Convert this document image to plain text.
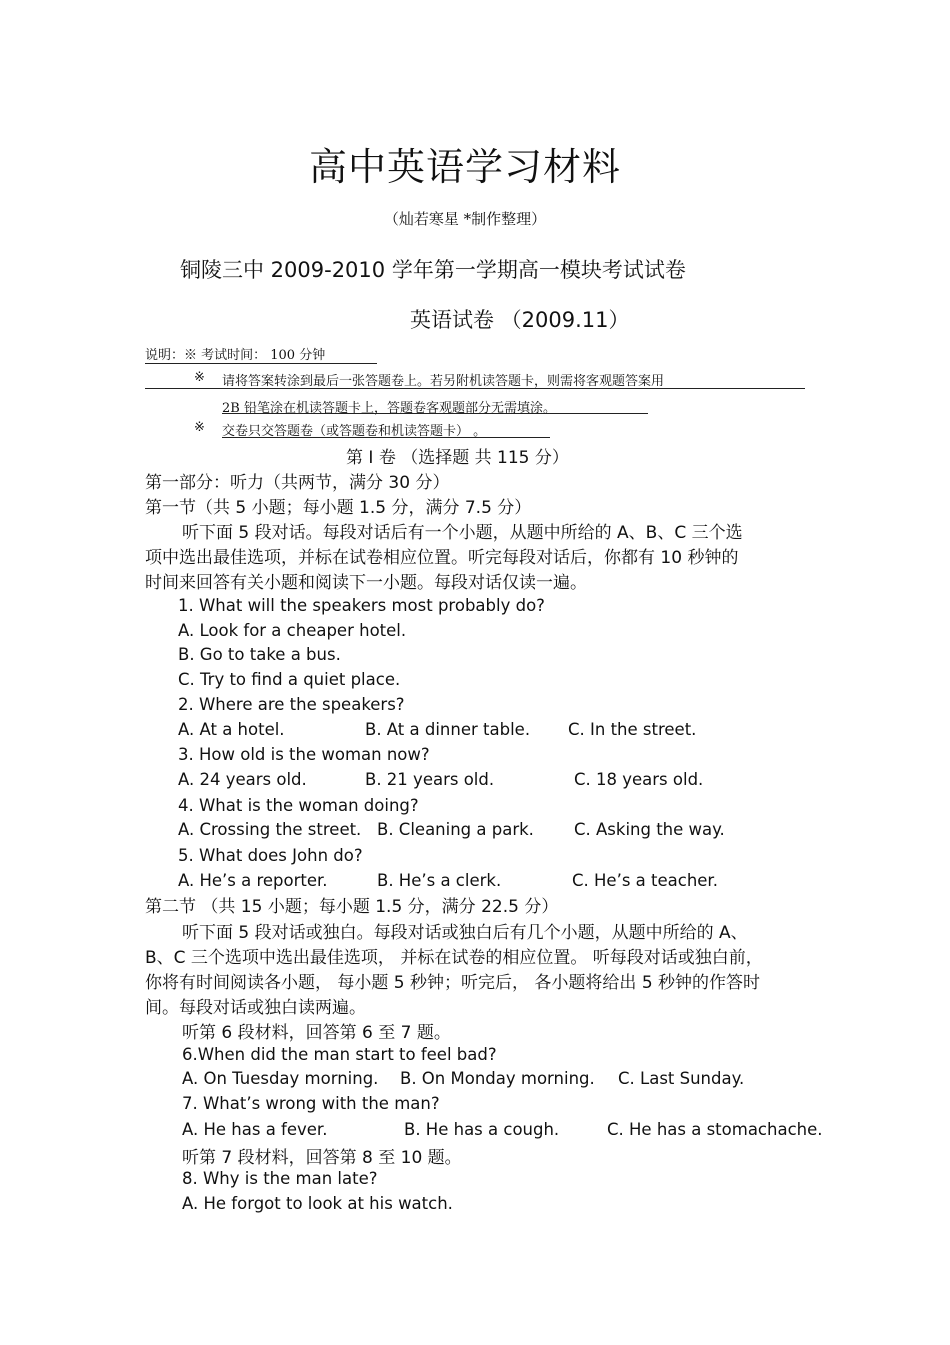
高中英语学习材料
（灿若寒星 *制作整理）
铜陵三中 2009-2010 学年第一学期高一模块考试试卷
英语试卷 （2009.11）
说明：※ 考试时间： 100 分钟
※ 请将答案转涂到最后一张答题卷上。若另附机读答题卡，则需将客观题答案用
2B 铅笔涂在机读答题卡上，答题卷客观题部分无需填涂。
※ 交卷只交答题卷（或答题卷和机读答题卡） 。
第 Ⅰ 卷 （选择题 共 115 分）
第一部分：听力（共两节，满分 30 分）
第一节（共 5 小题；每小题 1.5 分，满分 7.5 分）
听下面 5 段对话。每段对话后有一个小题，从题中所给的 A、B、C 三个选
项中选出最佳选项，并标在试卷相应位置。听完每段对话后，你都有 10 秒钟的
时间来回答有关小题和阅读下一小题。每段对话仅读一遍。
1. What will the speakers most probably do?
A. Look for a cheaper hotel.
B. Go to take a bus.
C. Try to find a quiet place.
2. Where are the speakers?
A. At a hotel.	B. At a dinner table. C. In the street.
3. How old is the woman now?
A. 24 years old.	B. 21 years old.	C. 18 years old.
4. What is the woman doing?
A. Crossing the street. B. Cleaning a park. C. Asking the way.
5. What does John do?
A. He’s a reporter.	B. He’s a clerk.	C. He’s a teacher.
第二节 （共 15 小题；每小题 1.5 分，满分 22.5 分）
听下面 5 段对话或独白。每段对话或独白后有几个小题，从题中所给的 A、
B、C 三个选项中选出最佳选项， 并标在试卷的相应位置。 听每段对话或独白前，
你将有时间阅读各小题， 每小题 5 秒钟；听完后， 各小题将给出 5 秒钟的作答时
间。每段对话或独白读两遍。
听第 6 段材料，回答第 6 至 7 题。
6.When did the man start to feel bad?
A. On Tuesday morning. B. On Monday morning. C. Last Sunday.
7. What’s wrong with the man?
A. He has a fever.	B. He has a cough.	C. He has a stomachache.
听第 7 段材料，回答第 8 至 10 题。
8. Why is the man late?
A. He forgot to look at his watch.
